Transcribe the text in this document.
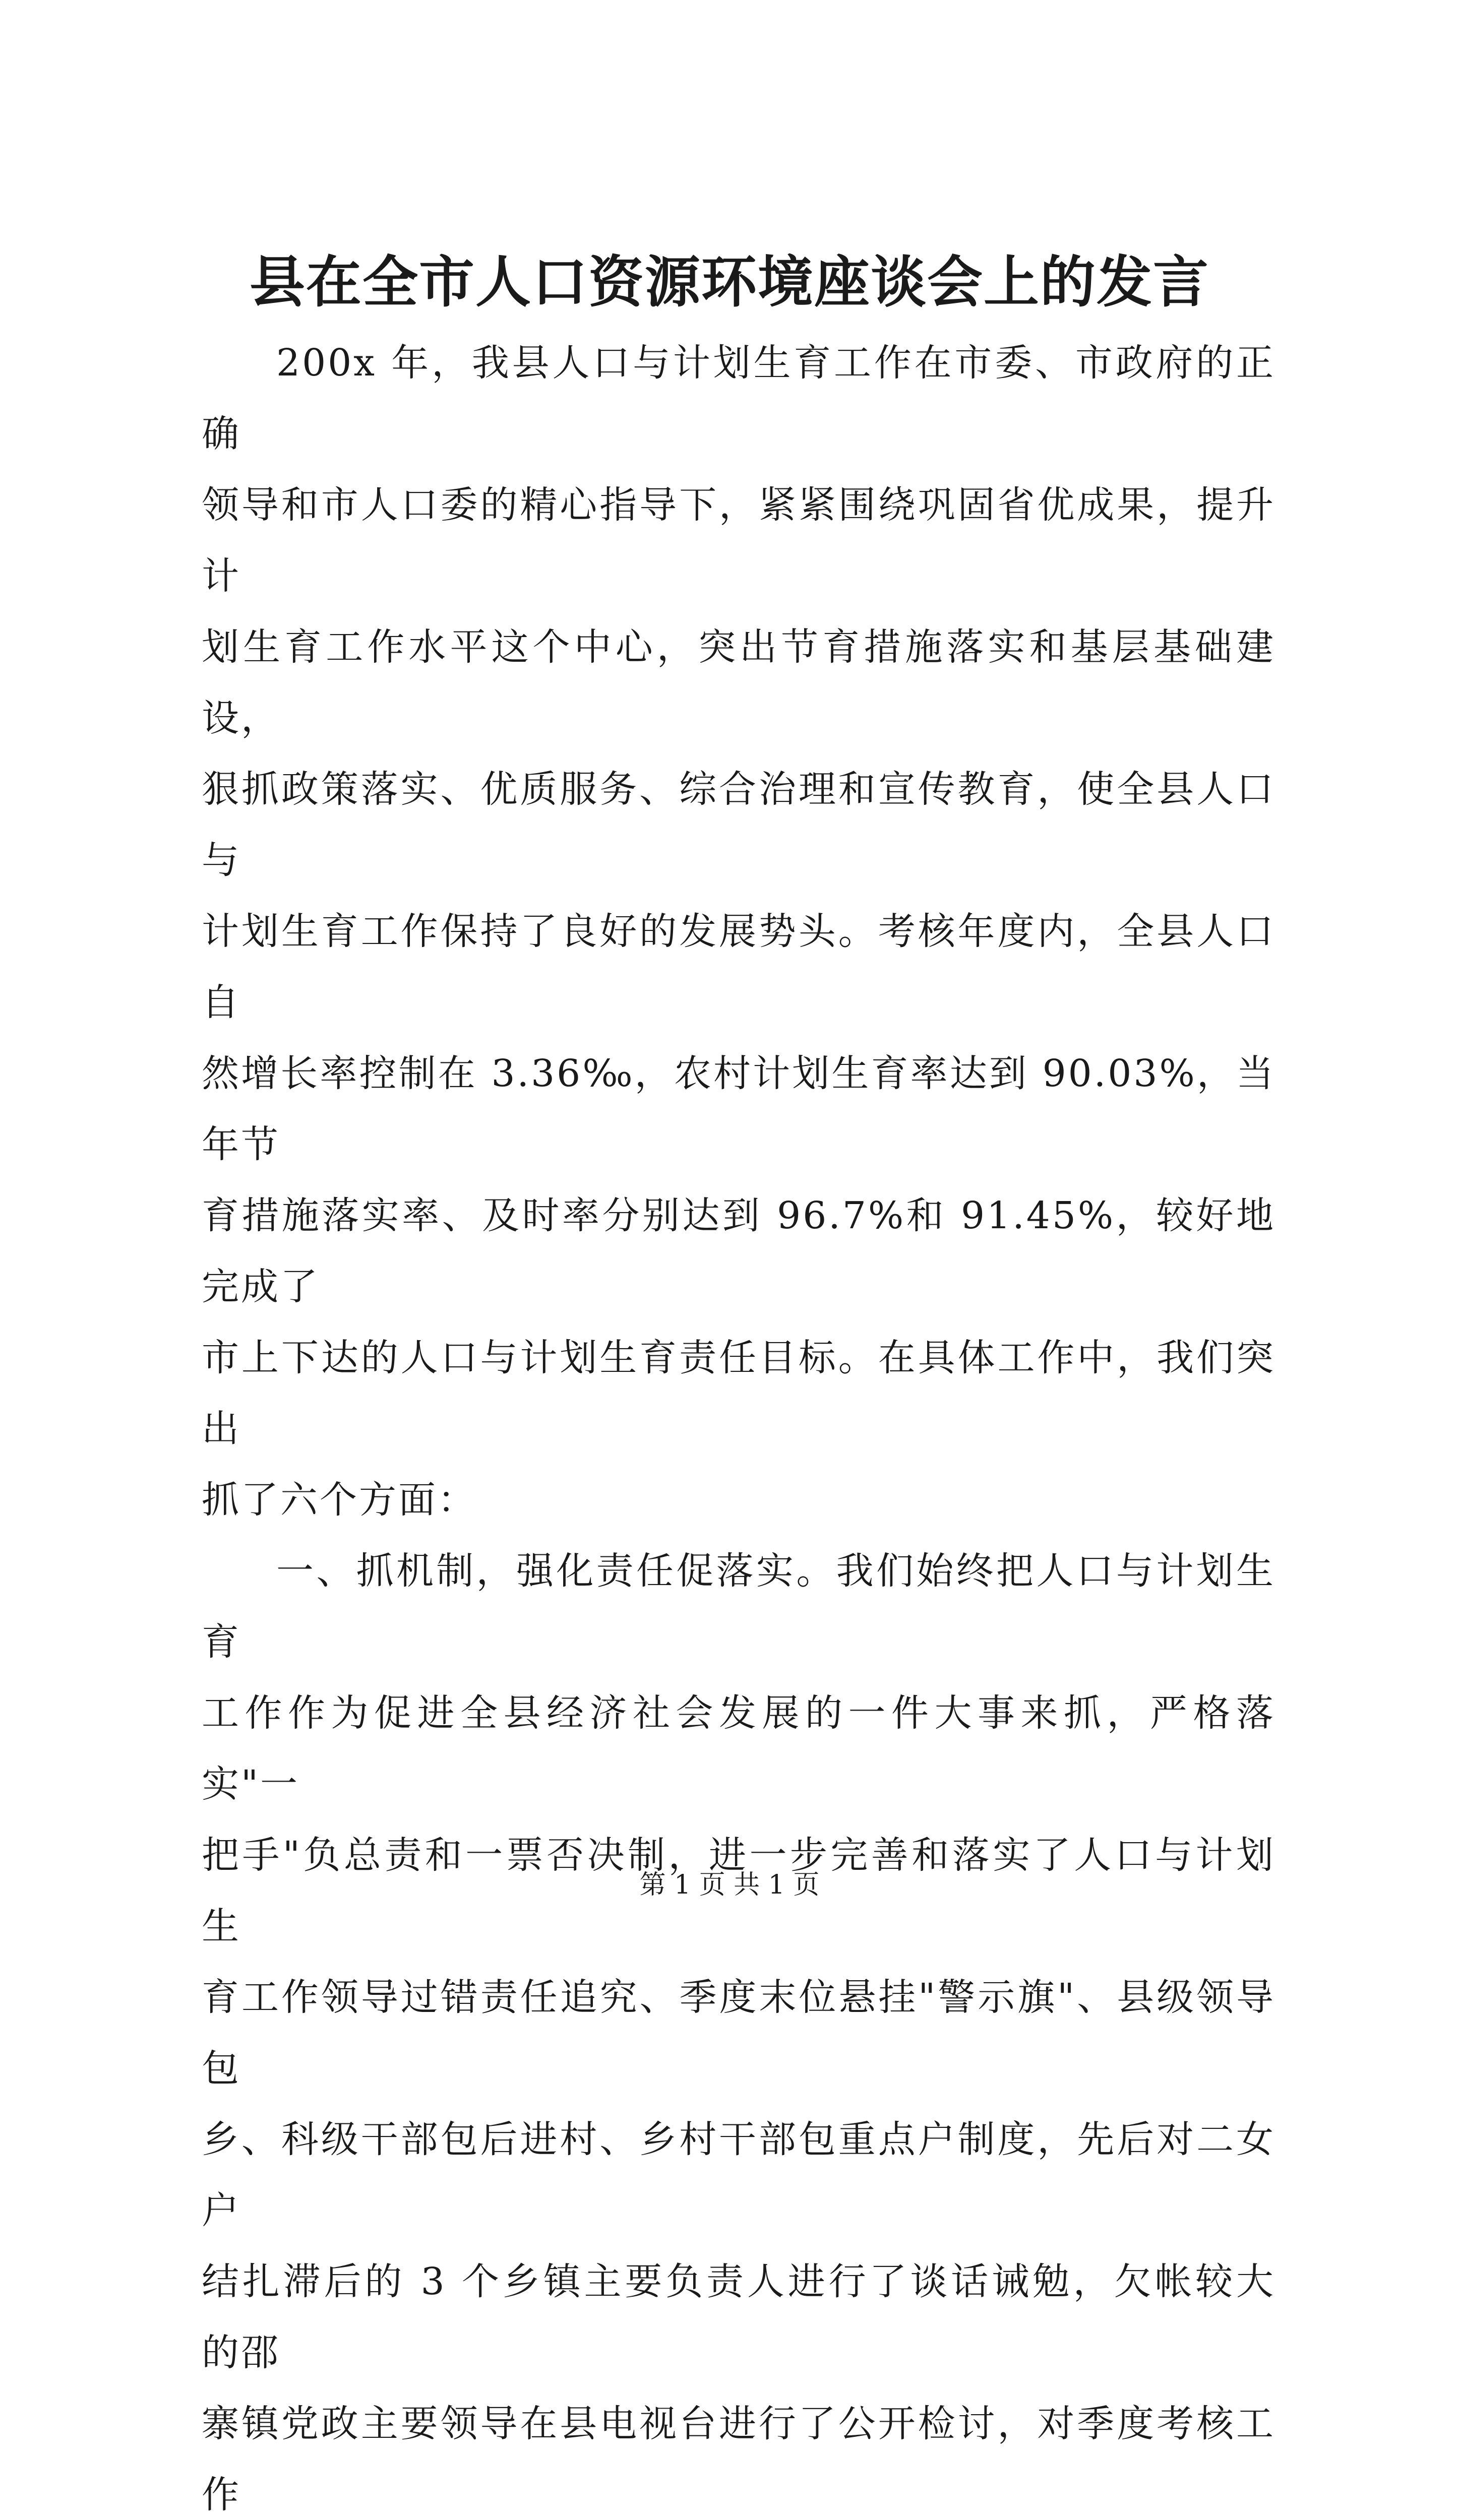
县在全市人口资源环境座谈会上的发言

200x 年，我县人口与计划生育工作在市委、市政府的正确
领导和市人口委的精心指导下，紧紧围绕巩固省优成果，提升计
划生育工作水平这个中心，突出节育措施落实和基层基础建设，
狠抓政策落实、优质服务、综合治理和宣传教育，使全县人口与
计划生育工作保持了良好的发展势头。考核年度内，全县人口自
然增长率控制在 3.36‰，农村计划生育率达到 90.03%，当年节
育措施落实率、及时率分别达到 96.7%和 91.45%，较好地完成了
市上下达的人口与计划生育责任目标。在具体工作中，我们突出
抓了六个方面：

一、抓机制，强化责任促落实。我们始终把人口与计划生育
工作作为促进全县经济社会发展的一件大事来抓，严格落实"一
把手"负总责和一票否决制，进一步完善和落实了人口与计划生
育工作领导过错责任追究、季度末位悬挂"警示旗"、县级领导包
乡、科级干部包后进村、乡村干部包重点户制度，先后对二女户
结扎滞后的 3 个乡镇主要负责人进行了谈话诫勉，欠帐较大的邵
寨镇党政主要领导在县电视台进行了公开检讨，对季度考核工作

第 1 页 共 1 页
